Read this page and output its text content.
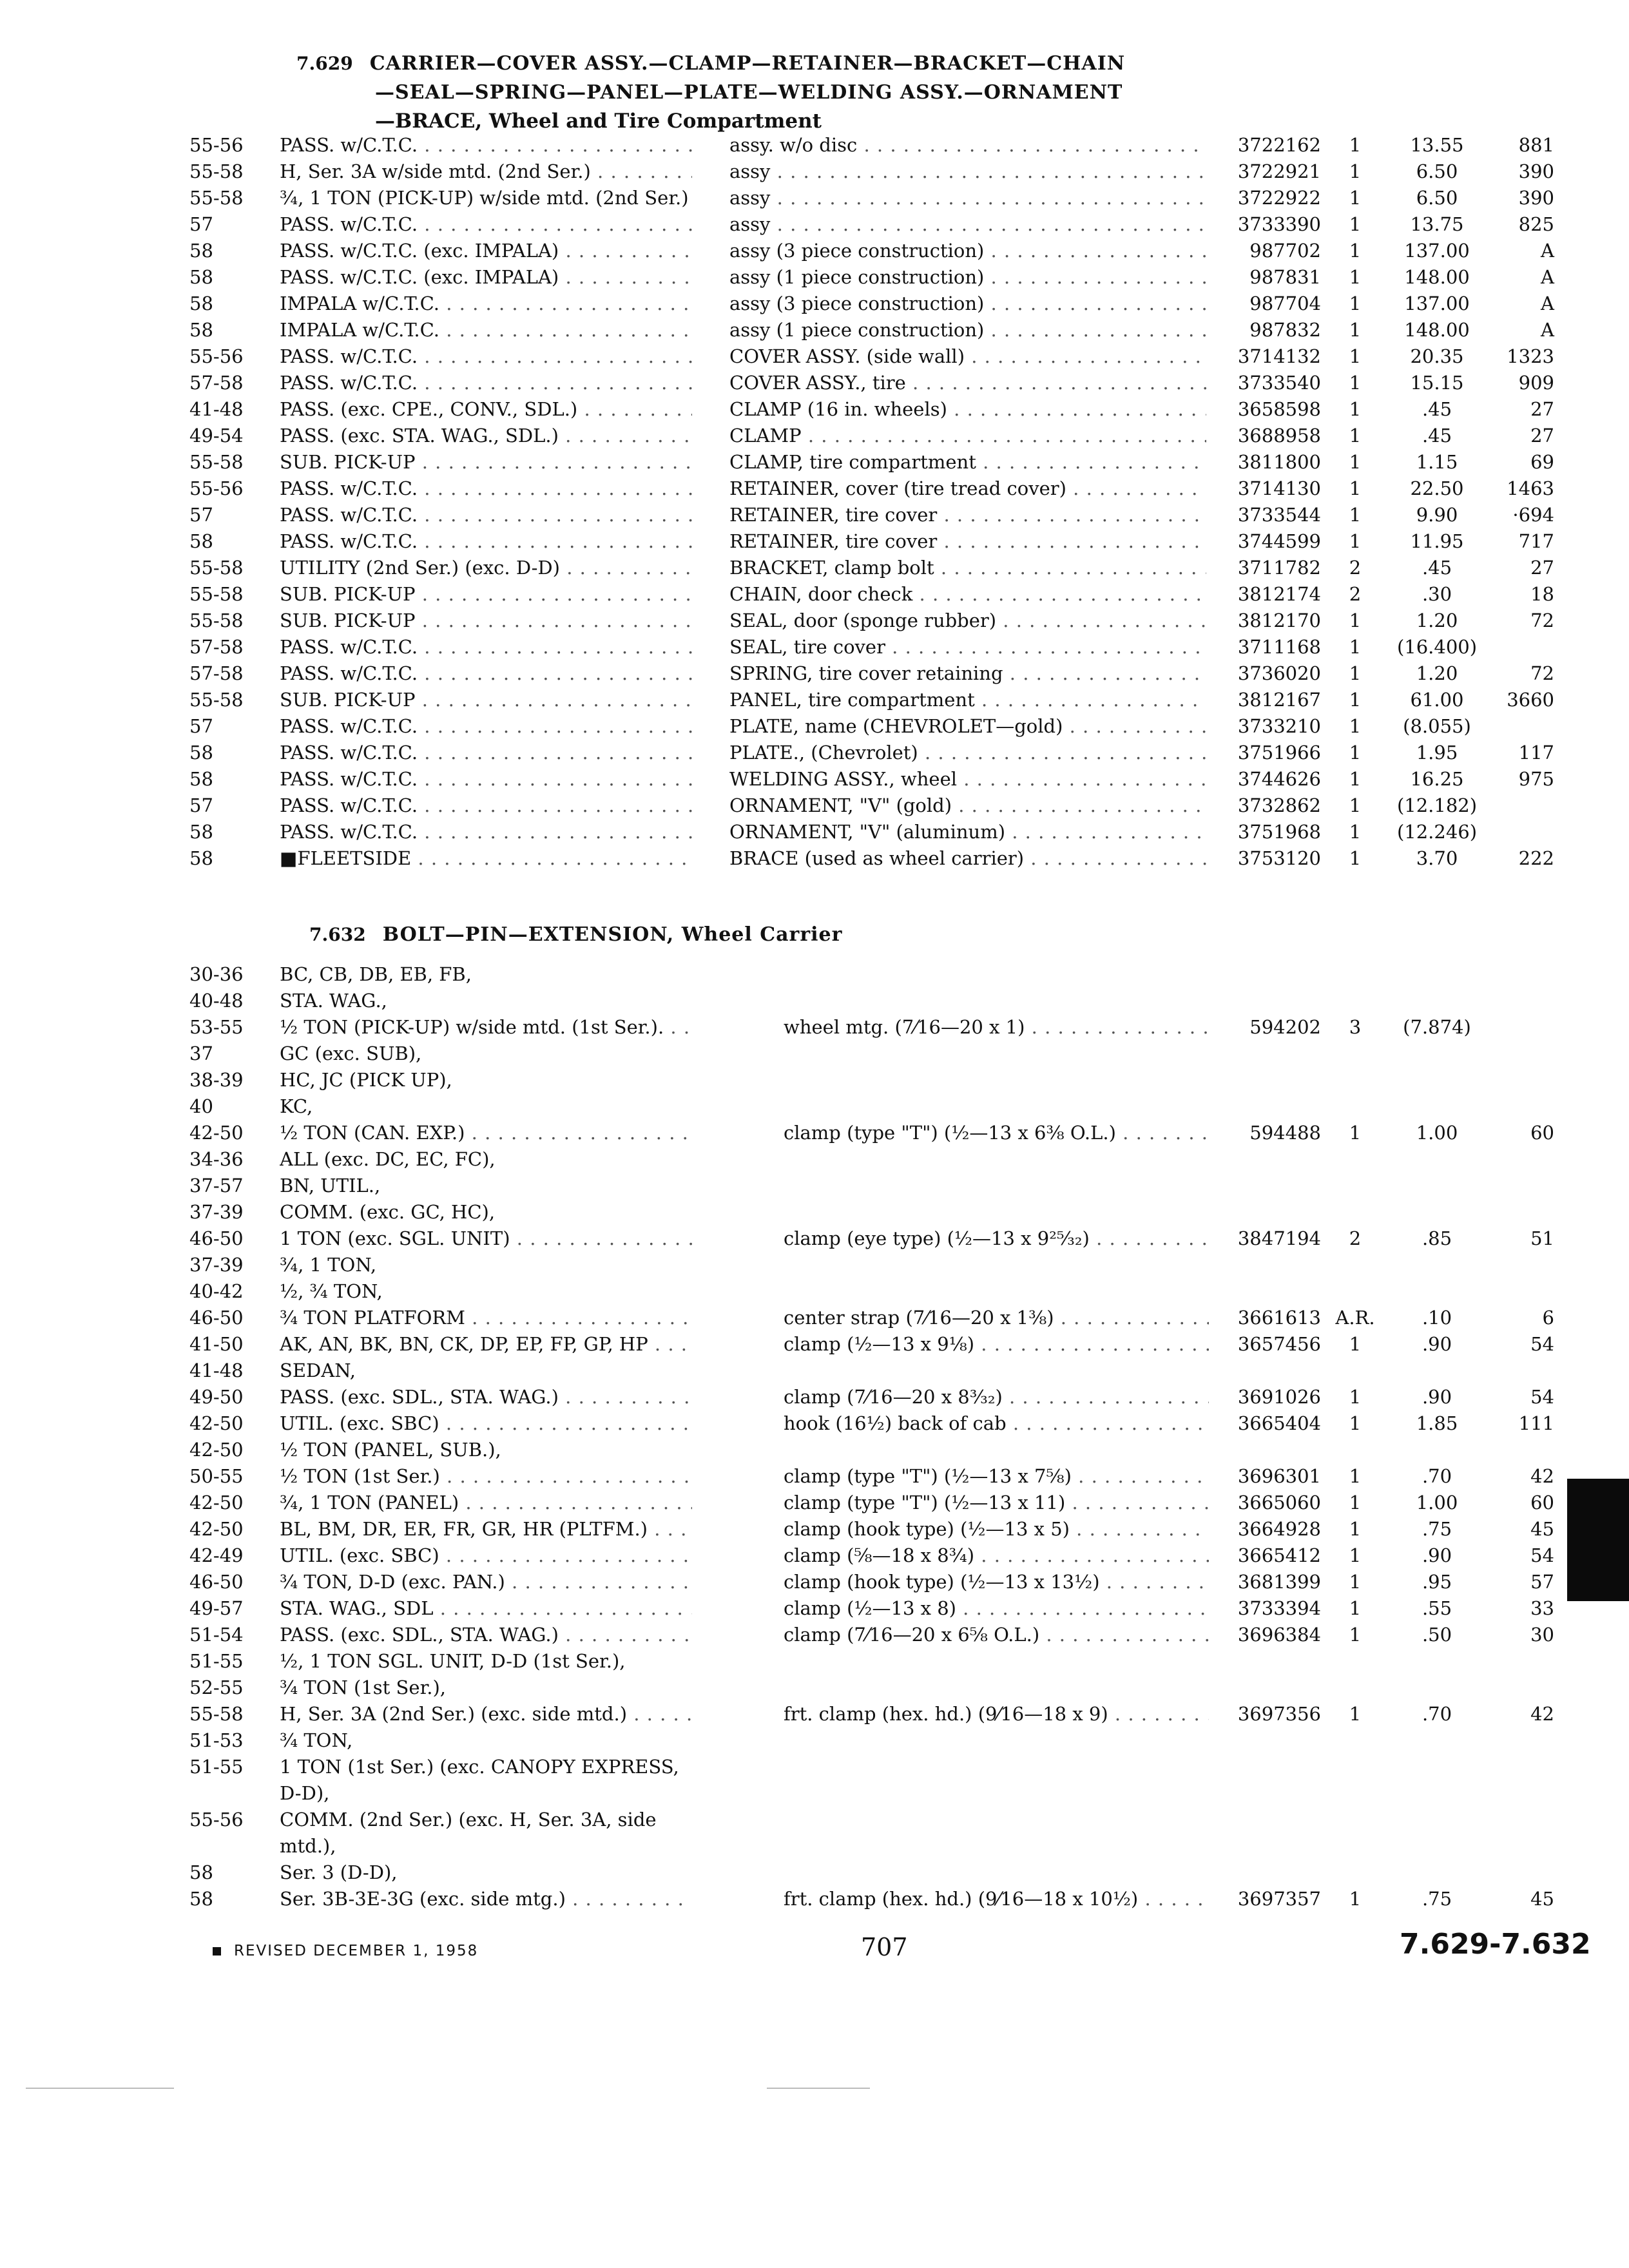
7.629 CARRIER—COVER ASSY.—CLAMP—RETAINER—BRACKET—CHAIN
—SEAL—SPRING—PANEL—PLATE—WELDING ASSY.—ORNAMENT
—BRACE, Wheel and Tire Compartment
55-56 PASS. w/C.T.C. . . .	assy. w/o disc . . .	3722162	1	13.55	881
55-58 H, Ser. 3A w/side mtd. (2nd Ser.) . . .	assy . . .	3722921	1	6.50	390
55-58 ¾, 1 TON (PICK-UP) w/side mtd. (2nd Ser.) . . . assy . . .	3722922	1	6.50	390
57	PASS. w/C.T.C. . . .	assy . . .	3733390	1	13.75	825
58	PASS. w/C.T.C. (exc. IMPALA) . . .	assy (3 piece construction) . . .	987702	1	137.00	A
58	PASS. w/C.T.C. (exc. IMPALA) . . .	assy (1 piece construction) . . .	987831	1	148.00	A
58	IMPALA w/C.T.C. . . .	assy (3 piece construction) . . .	987704	1	137.00	A
58	IMPALA w/C.T.C. . . .	assy (1 piece construction) . . .	987832	1	148.00	A
55-56 PASS. w/C.T.C. . . .	COVER ASSY. (side wall) . . .	3714132	1	20.35	1323
57-58 PASS. w/C.T.C. . . .	COVER ASSY., tire . . .	3733540	1	15.15	909
41-48 PASS. (exc. CPE., CONV., SDL.) . . .	CLAMP (16 in. wheels) . . .	3658598	1	.45	27
49-54 PASS. (exc. STA. WAG., SDL.) . . .	CLAMP . . .	3688958	1	.45	27
55-58 SUB. PICK-UP . . .	CLAMP, tire compartment . . .	3811800	1	1.15	69
55-56 PASS. w/C.T.C. . . .	RETAINER, cover (tire tread cover) . . .	3714130	1	22.50	1463
57	PASS. w/C.T.C. . . .	RETAINER, tire cover . . .	3733544	1	9.90	·694
58	PASS. w/C.T.C. . . .	RETAINER, tire cover . . .	3744599	1	11.95	717
55-58 UTILITY (2nd Ser.) (exc. D-D) . . .	BRACKET, clamp bolt . . .	3711782	2	.45	27
55-58 SUB. PICK-UP . . .	CHAIN, door check . . .	3812174	2	.30	18
55-58 SUB. PICK-UP . . .	SEAL, door (sponge rubber) . . .	3812170	1	1.20	72
57-58 PASS. w/C.T.C. . . .	SEAL, tire cover . . .	3711168	1	(16.400)
57-58 PASS. w/C.T.C. . . .	SPRING, tire cover retaining . . .	3736020	1	1.20	72
55-58 SUB. PICK-UP . . .	PANEL, tire compartment . . .	3812167	1	61.00	3660
57	PASS. w/C.T.C. . . .	PLATE, name (CHEVROLET—gold) . . .	3733210	1	(8.055)
58	PASS. w/C.T.C. . . .	PLATE., (Chevrolet) . . .	3751966	1	1.95	117
58	PASS. w/C.T.C. . . .	WELDING ASSY., wheel . . .	3744626	1	16.25	975
57	PASS. w/C.T.C. . . .	ORNAMENT, "V" (gold) . . .	3732862	1	(12.182)
58	PASS. w/C.T.C. . . .	ORNAMENT, "V" (aluminum) . . .	3751968	1	(12.246)
58	■FLEETSIDE . . .	BRACE (used as wheel carrier) . . .	3753120	1	3.70	222
7.632 BOLT—PIN—EXTENSION, Wheel Carrier
30-36 BC, CB, DB, EB, FB,
40-48 STA. WAG.,
53-55 ½ TON (PICK-UP) w/side mtd. (1st Ser.). . . .	wheel mtg. (7⁄16—20 x 1) . . .	594202	3	(7.874)
37	GC (exc. SUB),
38-39 HC, JC (PICK UP),
40	KC,
42-50 ½ TON (CAN. EXP.) . . .	clamp (type "T") (½—13 x 6⅜ O.L.) . . .	594488	1	1.00	60
34-36 ALL (exc. DC, EC, FC),
37-57 BN, UTIL.,
37-39 COMM. (exc. GC, HC),
46-50 1 TON (exc. SGL. UNIT) . . .	clamp (eye type) (½—13 x 9²⁵⁄₃₂) . . .	3847194	2	.85	51
37-39 ¾, 1 TON,
40-42 ½, ¾ TON,
46-50 ¾ TON PLATFORM . . .	center strap (7⁄16—20 x 1⅜) . . .	3661613 A.R.	.10	6
41-50 AK, AN, BK, BN, CK, DP, EP, FP, GP, HP . . .	clamp (½—13 x 9⅛) . . .	3657456	1	.90	54
41-48 SEDAN,
49-50 PASS. (exc. SDL., STA. WAG.) . . .	clamp (7⁄16—20 x 8³⁄₃₂) . . .	3691026	1	.90	54
42-50 UTIL. (exc. SBC) . . .	hook (16½) back of cab . . .	3665404	1	1.85	111
42-50 ½ TON (PANEL, SUB.),
50-55 ½ TON (1st Ser.) . . .	clamp (type "T") (½—13 x 7⅝) . . .	3696301	1	.70	42
42-50 ¾, 1 TON (PANEL) . . .	clamp (type "T") (½—13 x 11) . . .	3665060	1	1.00	60
42-50 BL, BM, DR, ER, FR, GR, HR (PLTFM.) . . .	clamp (hook type) (½—13 x 5) . . .	3664928	1	.75	45
42-49 UTIL. (exc. SBC) . . .	clamp (⅝—18 x 8¾) . . .	3665412	1	.90	54
46-50 ¾ TON, D-D (exc. PAN.) . . .	clamp (hook type) (½—13 x 13½) . . .	3681399	1	.95	57
49-57 STA. WAG., SDL . . .	clamp (½—13 x 8) . . .	3733394	1	.55	33
51-54 PASS. (exc. SDL., STA. WAG.) . . .	clamp (7⁄16—20 x 6⅝ O.L.) . . .	3696384	1	.50	30
51-55 ½, 1 TON SGL. UNIT, D-D (1st Ser.),
52-55 ¾ TON (1st Ser.),
55-58 H, Ser. 3A (2nd Ser.) (exc. side mtd.) . . .	frt. clamp (hex. hd.) (9⁄16—18 x 9) . . .	3697356	1	.70	42
51-53 ¾ TON,
51-55 1 TON (1st Ser.) (exc. CANOPY EXPRESS,
D-D),
55-56 COMM. (2nd Ser.) (exc. H, Ser. 3A, side
mtd.),
58	Ser. 3 (D-D),
58	Ser. 3B-3E-3G (exc. side mtg.) . . .	frt. clamp (hex. hd.) (9⁄16—18 x 10½) . . .	3697357	1	.75	45
REVISED DECEMBER 1, 1958	707	7.629-7.632
